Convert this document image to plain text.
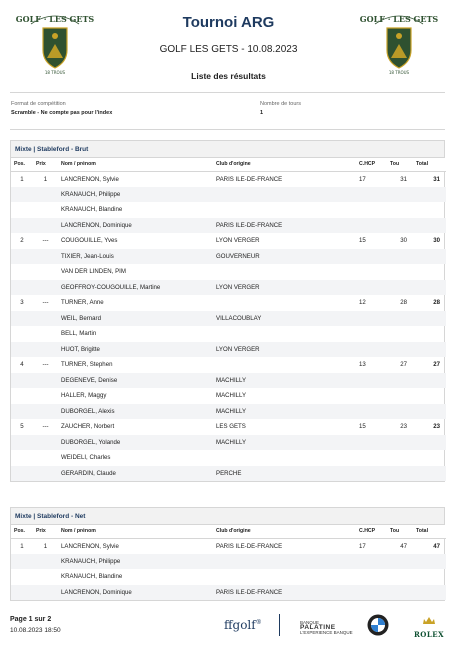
GOLF · LES GETS
18 TROUS
Tournoi ARG
GOLF LES GETS - 10.08.2023
Liste des résultats
GOLF · LES GETS
18 TROUS
Format de compétition
Scramble - Ne compte pas pour l'index
Nombre de tours
1
Mixte | Stableford - Brut
Pos.	Prix	Nom / prénom	Club d'origine	C.HCP	Tou	Total
1	1	LANCRENON, Sylvie	PARIS ILE-DE-FRANCE	17	31	31
		KRANAUCH, Philippe				
		KRANAUCH, Blandine				
		LANCRENON, Dominique	PARIS ILE-DE-FRANCE			
2	---	COUGOUILLE, Yves	LYON VERGER	15	30	30
		TIXIER, Jean-Louis	GOUVERNEUR			
		VAN DER LINDEN, PIM				
		GEOFFROY-COUGOUILLE, Martine	LYON VERGER			
3	---	TURNER, Anne		12	28	28
		WEIL, Bernard	VILLACOUBLAY			
		BELL, Martin				
		HUOT, Brigitte	LYON VERGER			
4	---	TURNER, Stephen		13	27	27
		DEGENEVE, Denise	MACHILLY			
		HALLER, Maggy	MACHILLY			
		DUBORGEL, Alexis	MACHILLY			
5	---	ZAUCHER, Norbert	LES GETS	15	23	23
		DUBORGEL, Yolande	MACHILLY			
		WEIDELI, Charles				
		GERARDIN, Claude	PERCHE			
Mixte | Stableford - Net
Pos.	Prix	Nom / prénom	Club d'origine	C.HCP	Tou	Total
1	1	LANCRENON, Sylvie	PARIS ILE-DE-FRANCE	17	47	47
		KRANAUCH, Philippe				
		KRANAUCH, Blandine				
		LANCRENON, Dominique	PARIS ILE-DE-FRANCE			
Page 1 sur 2
10.08.2023 18:50	ffgolf®	BANQUE
PALATINE
L'EXPERIENCE BANQUE	ROLEX
